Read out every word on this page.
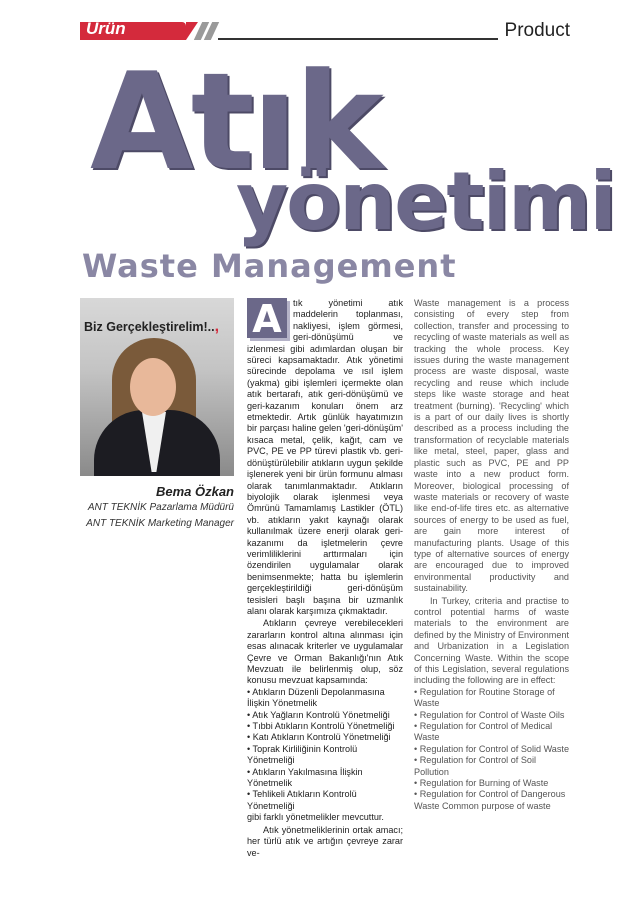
Ürün	Product
Atık
yönetimi
Waste Management
Biz Gerçekleştirelim!..,
Bema Özkan
ANT TEKNİK Pazarlama Müdürü
ANT TEKNİK Marketing Manager
A	tık yönetimi atık maddelerin toplanması, nakliyesi, işlem görmesi, geri-dönüşümü ve izlenmesi gibi adımlardan oluşan bir süreci kapsamaktadır. Atık yönetimi sürecinde depolama ve ısıl işlem (yakma) gibi işlemleri içermekte olan atık bertarafı, atık geri-dönüşümü ve geri-kazanım konuları önem arz etmektedir. Artık günlük hayatımızın bir parçası haline gelen 'geri-dönüşüm' kısaca metal, çelik, kağıt, cam ve PVC, PE ve PP türevi plastik vb. geri-dönüştürülebilir atıkların uygun şekilde işlenerek yeni bir ürün formunu alması olarak tanımlanmaktadır. Atıkların biyolojik olarak işlenmesi veya Ömrünü Tamamlamış Lastikler (ÖTL) vb. atıkların yakıt kaynağı olarak kullanılmak üzere enerji olarak geri-kazanımı da işletmelerin çevre verimliliklerini arttırmaları için özendirilen uygulamalar olarak benimsenmekte; hatta bu işlemlerin gerçekleştirildiği geri-dönüşüm tesisleri başlı başına bir uzmanlık alanı olarak karşımıza çıkmaktadır.

Atıkların çevreye verebilecekleri zararların kontrol altına alınması için esas alınacak kriterler ve uygulamalar Çevre ve Orman Bakanlığı'nın Atık Mevzuatı ile belirlenmiş olup, söz konusu mevzuat kapsamında:

• Atıkların Düzenli Depolanmasına İlişkin Yönetmelik
• Atık Yağların Kontrolü Yönetmeliği
• Tıbbi Atıkların Kontrolü Yönetmeliği
• Katı Atıkların Kontrolü Yönetmeliği
• Toprak Kirliliğinin Kontrolü Yönetmeliği
• Atıkların Yakılmasına İlişkin Yönetmelik
• Tehlikeli Atıkların Kontrolü Yönetmeliği

gibi farklı yönetmelikler mevcuttur.

Atık yönetmeliklerinin ortak amacı; her türlü atık ve artığın çevreye zarar ve-

Waste management is a process consisting of every step from collection, transfer and processing to recycling of waste materials as well as tracking the whole process. Key issues during the waste management process are waste disposal, waste recycling and reuse which include steps like waste storage and heat treatment (burning). 'Recycling' which is a part of our daily lives is shortly described as a process including the transformation of recyclable materials like metal, steel, paper, glass and plastic such as PVC, PE and PP waste into a new product form. Moreover, biological processing of waste materials or recovery of waste like end-of-life tires etc. as alternative sources of energy to be used as fuel, are gain more interest of manufacturing plants. Usage of this type of alternative sources of energy are encouraged due to improved environmental productivity and sustainability.

In Turkey, criteria and practise to control potential harms of waste materials to the environment are defined by the Ministry of Environment and Urbanization in a Legislation Concerning Waste. Within the scope of this Legislation, several regulations including the following are in effect:

• Regulation for Routine Storage of Waste
• Regulation for Control of Waste Oils
• Regulation for Control of Medical Waste
• Regulation for Control of Solid Waste
• Regulation for Control of Soil Pollution
• Regulation for Burning of Waste
• Regulation for Control of Dangerous Waste Common purpose of waste
